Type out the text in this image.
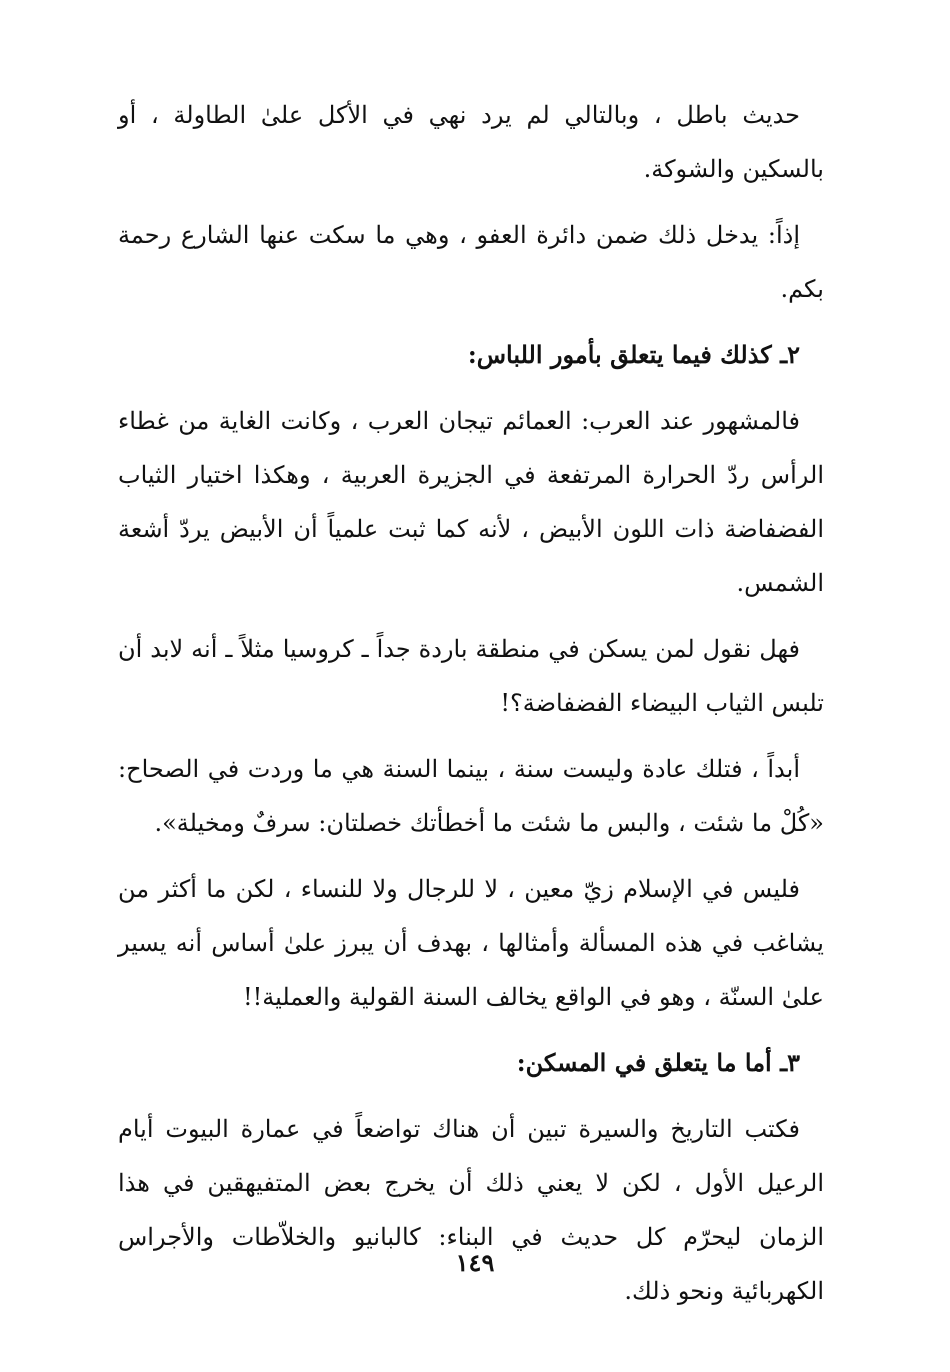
حديث باطل ، وبالتالي لم يرد نهي في الأكل علىٰ الطاولة ، أو بالسكين والشوكة.

إذاً: يدخل ذلك ضمن دائرة العفو ، وهي ما سكت عنها الشارع رحمة بكم.

٢ـ كذلك فيما يتعلق بأمور اللباس:

فالمشهور عند العرب: العمائم تيجان العرب ، وكانت الغاية من غطاء الرأس ردّ الحرارة المرتفعة في الجزيرة العربية ، وهكذا اختيار الثياب الفضفاضة ذات اللون الأبيض ، لأنه كما ثبت علمياً أن الأبيض يردّ أشعة الشمس.

فهل نقول لمن يسكن في منطقة باردة جداً ـ كروسيا مثلاً ـ أنه لابد أن تلبس الثياب البيضاء الفضفاضة؟!

أبداً ، فتلك عادة وليست سنة ، بينما السنة هي ما وردت في الصحاح: «كُلْ ما شئت ، والبس ما شئت ما أخطأتك خصلتان: سرفٌ ومخيلة».

فليس في الإسلام زيّ معين ، لا للرجال ولا للنساء ، لكن ما أكثر من يشاغب في هذه المسألة وأمثالها ، بهدف أن يبرز علىٰ أساس أنه يسير علىٰ السنّة ، وهو في الواقع يخالف السنة القولية والعملية!!

٣ـ أما ما يتعلق في المسكن:

فكتب التاريخ والسيرة تبين أن هناك تواضعاً في عمارة البيوت أيام الرعيل الأول ، لكن لا يعني ذلك أن يخرج بعض المتفيهقين في هذا الزمان ليحرّم كل حديث في البناء: كالبانيو والخلاّطات والأجراس الكهربائية ونحو ذلك.

١٤٩
